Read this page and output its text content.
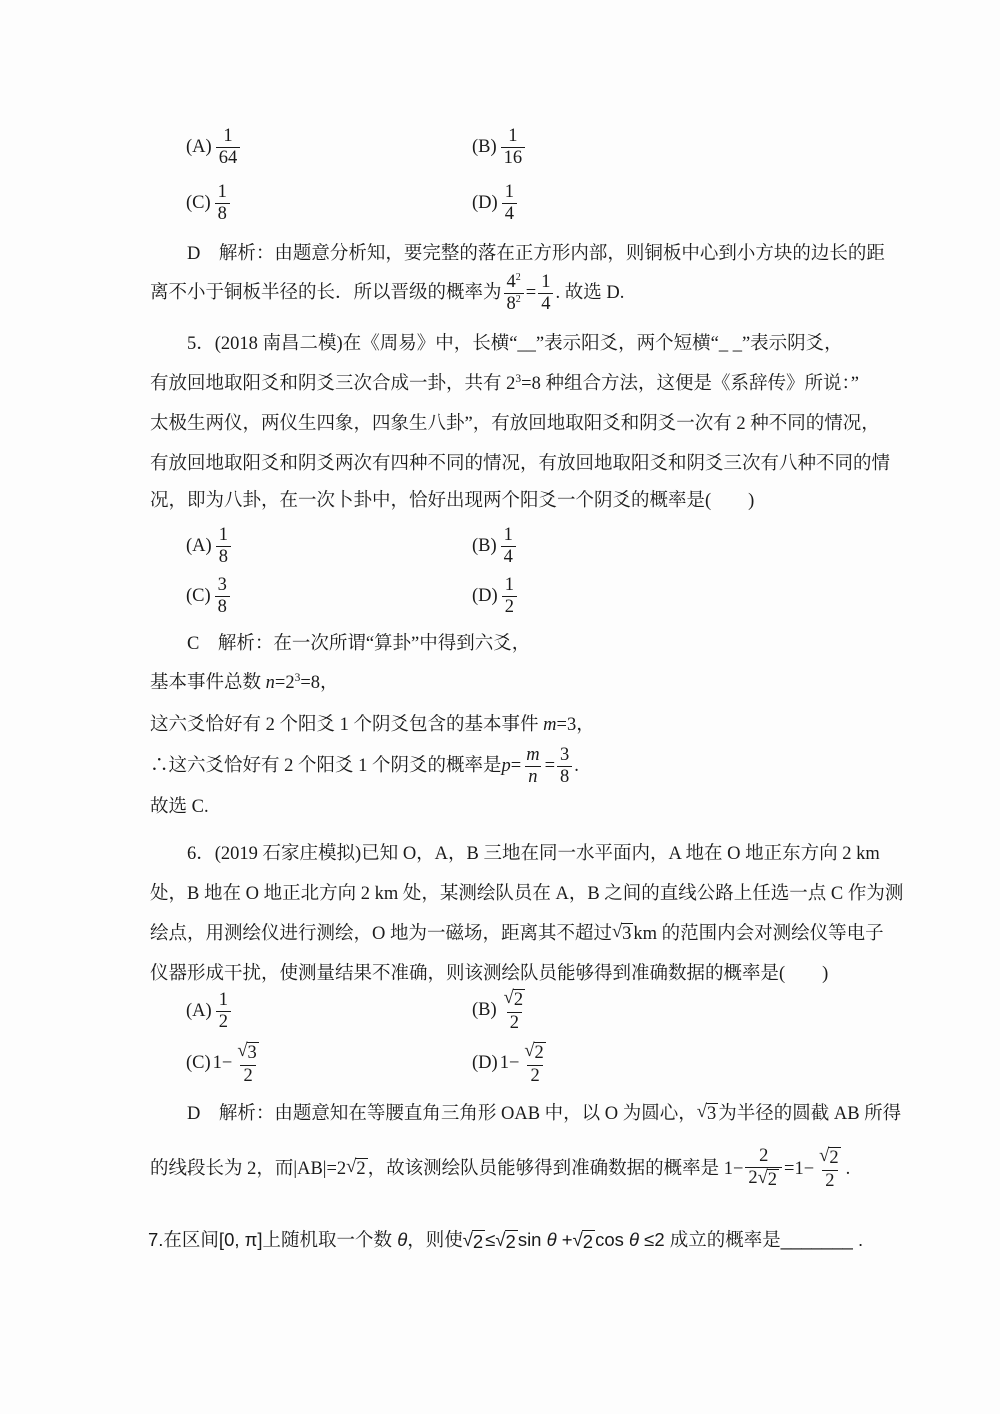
$(A) \frac{1}{64}$	$(B) \frac{1}{16}$
$(C) \frac{1}{8}$	$(D) \frac{1}{4}$
D　解析：由题意分析知，要完整的落在正方形内部，则铜板中心到小方块的边长的距
离不小于铜板半径的长．所以晋级的概率为 $\frac{4^2}{8^2} = \frac{1}{4}$ . 故选 D.
5．(2018 南昌二模)在《周易》中，长横“__”表示阳爻，两个短横“_ _”表示阴爻，
有放回地取阳爻和阴爻三次合成一卦，共有 $2^3=8$ 种组合方法，这便是《系辞传》所说：”
太极生两仪，两仪生四象，四象生八卦”，有放回地取阳爻和阴爻一次有 2 种不同的情况，
有放回地取阳爻和阴爻两次有四种不同的情况，有放回地取阳爻和阴爻三次有八种不同的情
况，即为八卦，在一次卜卦中，恰好出现两个阳爻一个阴爻的概率是(　　)
$(A) \frac{1}{8}$	$(B) \frac{1}{4}$
$(C) \frac{3}{8}$	$(D) \frac{1}{2}$
C　解析：在一次所谓“算卦”中得到六爻，
基本事件总数 $n=2^3=8$，
这六爻恰好有 2 个阳爻 1 个阴爻包含的基本事件 m=3，
∴这六爻恰好有 2 个阳爻 1 个阴爻的概率是 $p = \frac{m}{n} = \frac{3}{8}$ .
故选 C.
6．(2019 石家庄模拟)已知 O，A，B 三地在同一水平面内，A 地在 O 地正东方向 2 km
处，B 地在 O 地正北方向 2 km 处，某测绘队员在 A，B 之间的直线公路上任选一点 C 作为测
绘点，用测绘仪进行测绘，O 地为一磁场，距离其不超过 √ 3 km 的范围内会对测绘仪等电子
仪器形成干扰，使测量结果不准确，则该测绘队员能够得到准确数据的概率是(　　)
$(A) \frac{1}{2}$	$(B) \frac{√ 2}{2}$
(C) $1- \frac{√ 3}{2}$	(D) $1- \frac{√ 2}{2}$
D　解析：由题意知在等腰直角三角形 OAB 中，以 O 为圆心， √ 3 为半径的圆截 AB 所得
的线段长为 2，而|AB|=2 √ 2 ，故该测绘队员能够得到准确数据的概率是 $1- \frac{2}{2 √ 2} =1- \frac{√ 2}{2}$ .
7.在区间[0, π]上随机取一个数 θ，则使 √ 2 ≤ √ 2 sin θ + √ 2 cos θ ≤2 成立的概率是_______ .
